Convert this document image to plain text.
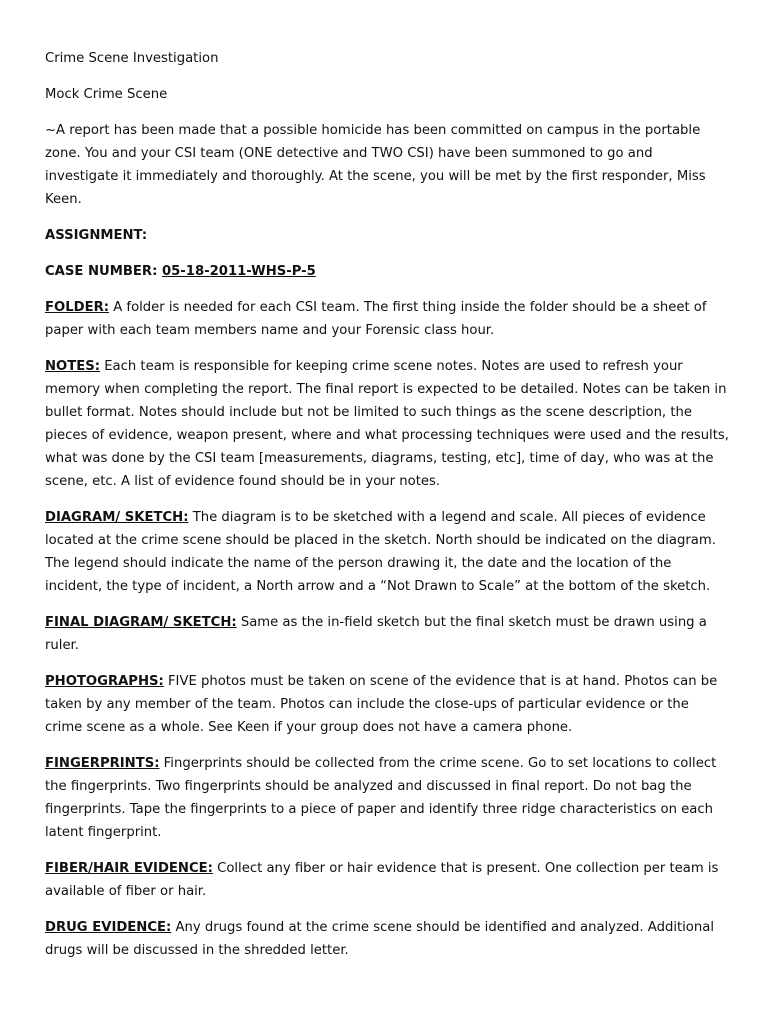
Crime Scene Investigation

Mock Crime Scene

~A report has been made that a possible homicide has been committed on campus in the portable zone. You and your CSI team (ONE detective and TWO CSI) have been summoned to go and investigate it immediately and thoroughly. At the scene, you will be met by the first responder, Miss Keen.

ASSIGNMENT:

CASE NUMBER: 05-18-2011-WHS-P-5

FOLDER: A folder is needed for each CSI team. The first thing inside the folder should be a sheet of paper with each team members name and your Forensic class hour.

NOTES: Each team is responsible for keeping crime scene notes. Notes are used to refresh your memory when completing the report. The final report is expected to be detailed. Notes can be taken in bullet format. Notes should include but not be limited to such things as the scene description, the pieces of evidence, weapon present, where and what processing techniques were used and the results, what was done by the CSI team [measurements, diagrams, testing, etc], time of day, who was at the scene, etc. A list of evidence found should be in your notes.

DIAGRAM/ SKETCH: The diagram is to be sketched with a legend and scale. All pieces of evidence located at the crime scene should be placed in the sketch. North should be indicated on the diagram. The legend should indicate the name of the person drawing it, the date and the location of the incident, the type of incident, a North arrow and a “Not Drawn to Scale” at the bottom of the sketch.

FINAL DIAGRAM/ SKETCH: Same as the in-field sketch but the final sketch must be drawn using a ruler.

PHOTOGRAPHS: FIVE photos must be taken on scene of the evidence that is at hand. Photos can be taken by any member of the team. Photos can include the close-ups of particular evidence or the crime scene as a whole. See Keen if your group does not have a camera phone.

FINGERPRINTS: Fingerprints should be collected from the crime scene. Go to set locations to collect the fingerprints. Two fingerprints should be analyzed and discussed in final report. Do not bag the fingerprints. Tape the fingerprints to a piece of paper and identify three ridge characteristics on each latent fingerprint.

FIBER/HAIR EVIDENCE: Collect any fiber or hair evidence that is present. One collection per team is available of fiber or hair.

DRUG EVIDENCE: Any drugs found at the crime scene should be identified and analyzed. Additional drugs will be discussed in the shredded letter.
